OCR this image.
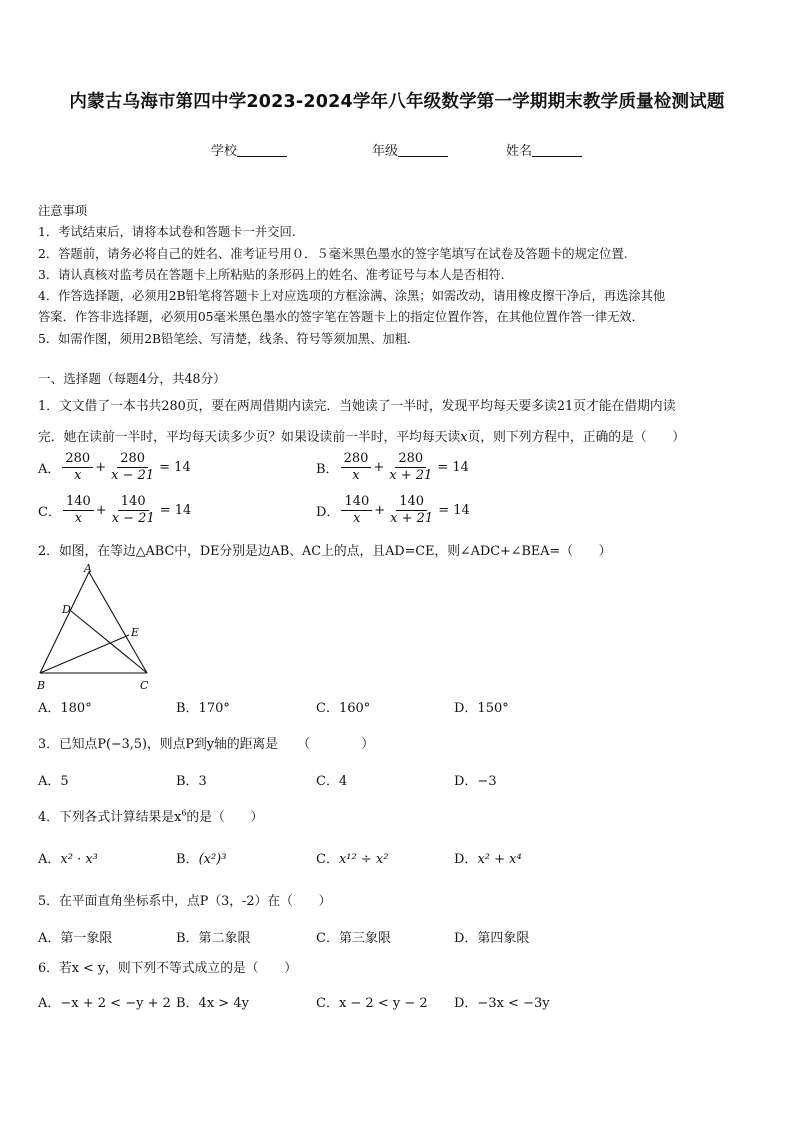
内蒙古乌海市第四中学2023-2024学年八年级数学第一学期期末教学质量检测试题
学校	年级	姓名
注意事项
1．考试结束后，请将本试卷和答题卡一并交回.
2．答题前，请务必将自己的姓名、准考证号用０．５毫米黑色墨水的签字笔填写在试卷及答题卡的规定位置.
3．请认真核对监考员在答题卡上所粘贴的条形码上的姓名、准考证号与本人是否相符.
4．作答选择题，必须用2B铅笔将答题卡上对应选项的方框涂满、涂黑；如需改动，请用橡皮擦干净后，再选涂其他
答案．作答非选择题，必须用05毫米黑色墨水的签字笔在答题卡上的指定位置作答，在其他位置作答一律无效．
5．如需作图，须用2B铅笔绘、写清楚，线条、符号等须加黑、加粗．
一、选择题（每题4分，共48分）
1．文文借了一本书共280页，要在两周借期内读完．当她读了一半时，发现平均每天要多读21页才能在借期内读
完．她在读前一半时，平均每天读多少页？如果设读前一半时，平均每天读x页，则下列方程中，正确的是（　　）
A． $\frac{280}{x} + \frac{280}{x - 21} = 14$	B． $\frac{280}{x} + \frac{280}{x + 21} = 14$
C． $\frac{140}{x} + \frac{140}{x - 21} = 14$	D． $\frac{140}{x} + \frac{140}{x + 21} = 14$
2．如图，在等边△ABC中，DE分别是边AB、AC上的点，且AD=CE，则∠ADC+∠BEA=（　　）
A
D
E
B	C
A．180°	B．170°	C．160°	D．150°
3．已知点P(−3,5)，则点P到y轴的距离是　　（　　　　）
A．5	B．3	C．4	D．−3
4．下列各式计算结果是$x^6$的是（　　）
A．x² · x³	B．(x²)³	C．x¹² ÷ x²	D．x² + x⁴
5．在平面直角坐标系中，点P（3，-2）在（　　）
A．第一象限	B．第二象限	C．第三象限	D．第四象限
6．若x < y，则下列不等式成立的是（　　）
A．−x + 2 < −y + 2 B．4x > 4y	C．x − 2 < y − 2 D．−3x < −3y
